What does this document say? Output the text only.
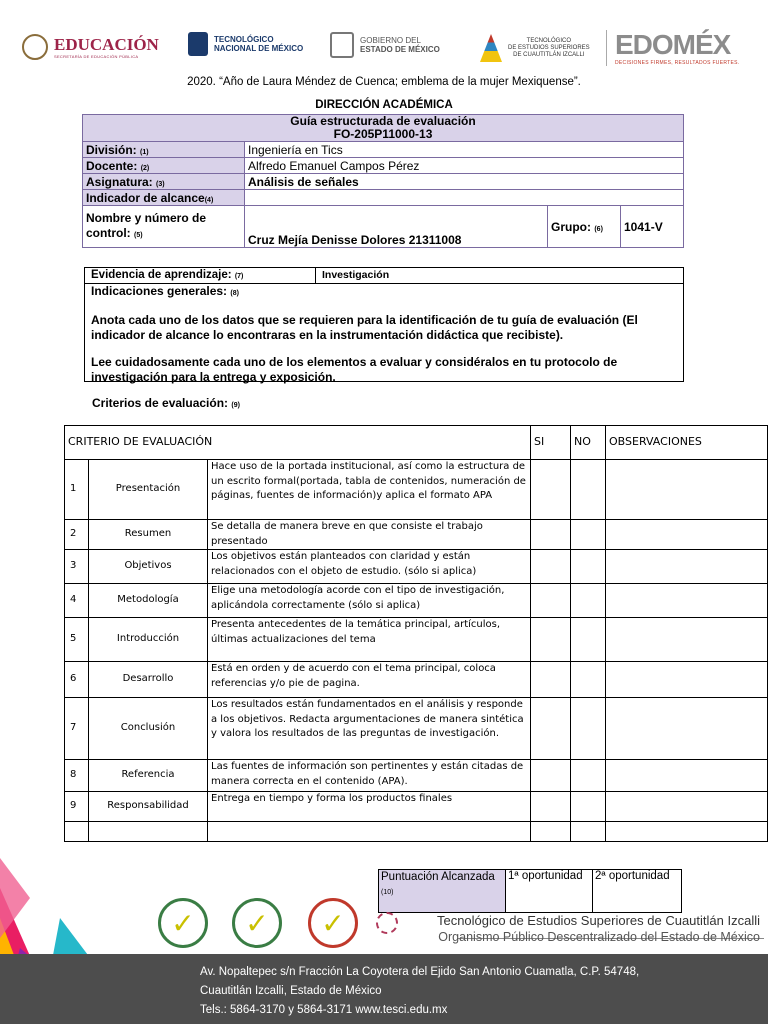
EDUCACIÓN
SECRETARÍA DE EDUCACIÓN PÚBLICA
TECNOLÓGICO
NACIONAL DE MÉXICO
GOBIERNO DEL
ESTADO DE MÉXICO
TECNOLÓGICO
DE ESTUDIOS SUPERIORES
DE CUAUTITLÁN IZCALLI EDOMÉX
DECISIONES FIRMES, RESULTADOS FUERTES.
2020. “Año de Laura Méndez de Cuenca; emblema de la mujer Mexiquense”.
DIRECCIÓN ACADÉMICA
Guía estructurada de evaluación
FO-205P11000-13			

División: (1)	Ingeniería en Tics		
Docente: (2)	Alfredo Emanuel Campos Pérez		
Asignatura: (3)	Análisis de señales		
Indicador de alcance(4)			
Nombre y número de control: (5)	Cruz Mejía Denisse Dolores 21311008	Grupo: (6)	1041-V
Evidencia de aprendizaje: (7)	Investigación
Indicaciones generales: (8)
Anota cada uno de los datos que se requieren para la identificación de tu guía de evaluación (El indicador de alcance lo encontraras en la instrumentación didáctica que recibiste).
Lee cuidadosamente cada uno de los elementos a evaluar y considéralos en tu protocolo de investigación para la entrega y exposición.
Criterios de evaluación: (9)
CRITERIO DE EVALUACIÓN			SI	NO	OBSERVACIONES
1	Presentación	Hace uso de la portada institucional, así como la estructura de un escrito formal(portada, tabla de contenidos, numeración de páginas, fuentes de información)y aplica el formato APA			
2	Resumen	Se detalla de manera breve en que consiste el trabajo presentado			
3	Objetivos	Los objetivos están planteados con claridad y están relacionados con el objeto de estudio. (sólo si aplica)			
4	Metodología	Elige una metodología acorde con el tipo de investigación, aplicándola correctamente (sólo si aplica)			
5	Introducción	Presenta antecedentes de la temática principal, artículos, últimas actualizaciones del tema			
6	Desarrollo	Está en orden y de acuerdo con el tema principal, coloca referencias y/o pie de pagina.			
7	Conclusión	Los resultados están fundamentados en el análisis y responde a los objetivos. Redacta argumentaciones de manera sintética y valora los resultados de las preguntas de investigación.			
8	Referencia	Las fuentes de información son pertinentes y están citadas de manera correcta en el contenido (APA).			
9	Responsabilidad	Entrega en tiempo y forma los productos finales			

Puntuación Alcanzada (10)	1ª oportunidad	2ª oportunidad
✓	✓	✓	Tecnológico de Estudios Superiores de Cuautitlán Izcalli
Organismo Público Descentralizado del Estado de México
Av. Nopaltepec s/n Fracción La Coyotera del Ejido San Antonio Cuamatla, C.P. 54748,
Cuautitlán Izcalli, Estado de México
Tels.: 5864-3170 y 5864-3171 www.tesci.edu.mx
